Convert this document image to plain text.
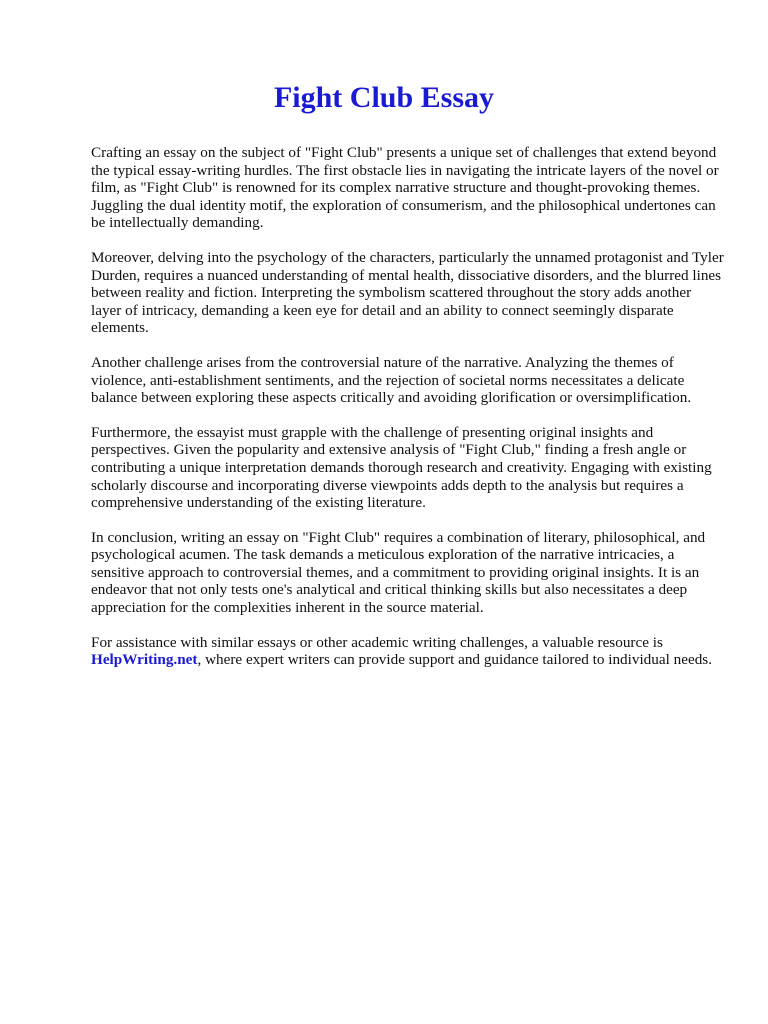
Fight Club Essay

Crafting an essay on the subject of "Fight Club" presents a unique set of challenges that extend beyond the typical essay-writing hurdles. The first obstacle lies in navigating the intricate layers of the novel or film, as "Fight Club" is renowned for its complex narrative structure and thought-provoking themes. Juggling the dual identity motif, the exploration of consumerism, and the philosophical undertones can be intellectually demanding.

Moreover, delving into the psychology of the characters, particularly the unnamed protagonist and Tyler Durden, requires a nuanced understanding of mental health, dissociative disorders, and the blurred lines between reality and fiction. Interpreting the symbolism scattered throughout the story adds another layer of intricacy, demanding a keen eye for detail and an ability to connect seemingly disparate elements.

Another challenge arises from the controversial nature of the narrative. Analyzing the themes of violence, anti-establishment sentiments, and the rejection of societal norms necessitates a delicate balance between exploring these aspects critically and avoiding glorification or oversimplification.

Furthermore, the essayist must grapple with the challenge of presenting original insights and perspectives. Given the popularity and extensive analysis of "Fight Club," finding a fresh angle or contributing a unique interpretation demands thorough research and creativity. Engaging with existing scholarly discourse and incorporating diverse viewpoints adds depth to the analysis but requires a comprehensive understanding of the existing literature.

In conclusion, writing an essay on "Fight Club" requires a combination of literary, philosophical, and psychological acumen. The task demands a meticulous exploration of the narrative intricacies, a sensitive approach to controversial themes, and a commitment to providing original insights. It is an endeavor that not only tests one's analytical and critical thinking skills but also necessitates a deep appreciation for the complexities inherent in the source material.

For assistance with similar essays or other academic writing challenges, a valuable resource is HelpWriting.net, where expert writers can provide support and guidance tailored to individual needs.
